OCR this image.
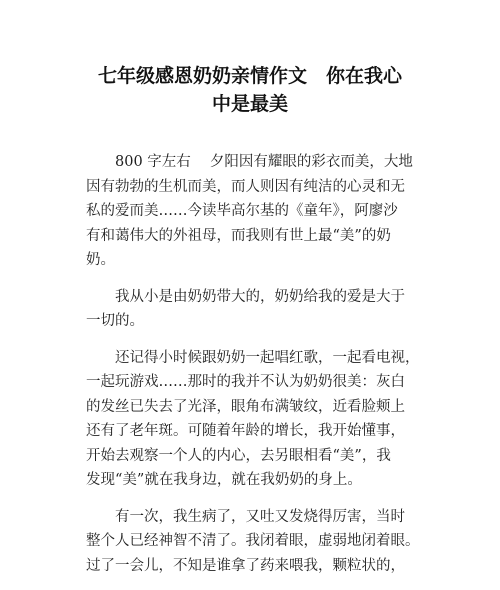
七年级感恩奶奶亲情作文　你在我心
中是最美
800 字左右　 夕阳因有耀眼的彩衣而美，大地
因有勃勃的生机而美，而人则因有纯洁的心灵和无
私的爱而美……今读毕高尔基的《童年》，阿廖沙
有和蔼伟大的外祖母，而我则有世上最“美”的奶
奶。
我从小是由奶奶带大的，奶奶给我的爱是大于
一切的。
还记得小时候跟奶奶一起唱红歌，一起看电视，
一起玩游戏……那时的我并不认为奶奶很美：灰白
的发丝已失去了光泽，眼角布满皱纹，近看脸颊上
还有了老年斑。可随着年龄的增长，我开始懂事，
开始去观察一个人的内心，去另眼相看“美”，我
发现“美”就在我身边，就在我奶奶的身上。
有一次，我生病了，又吐又发烧得厉害，当时
整个人已经神智不清了。我闭着眼，虚弱地闭着眼。
过了一会儿，不知是谁拿了药来喂我，颗粒状的，
